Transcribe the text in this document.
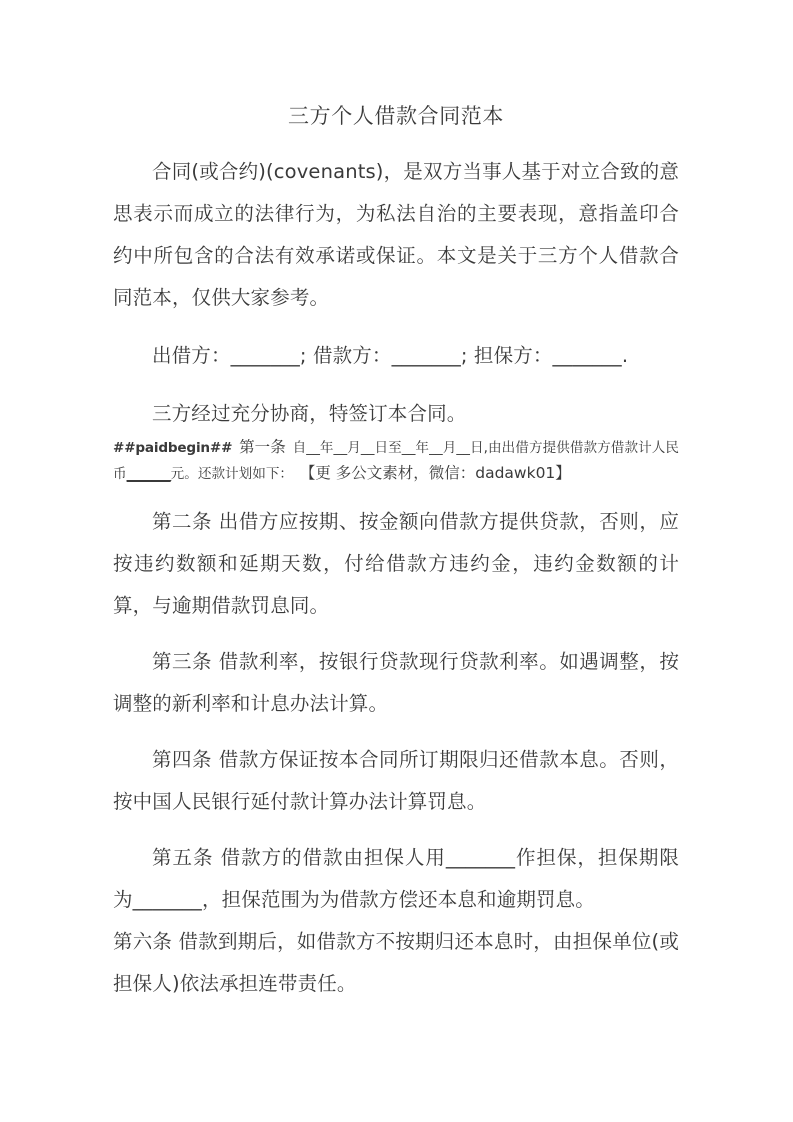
三方个人借款合同范本

合同(或合约)(covenants)，是双方当事人基于对立合致的意思表示而成立的法律行为，为私法自治的主要表现，意指盖印合约中所包含的合法有效承诺或保证。本文是关于三方个人借款合同范本，仅供大家参考。

出借方：_______; 借款方：_______; 担保方：_______.

三方经过充分协商，特签订本合同。

##paidbegin## 第一条 自__年__月__日至__年__月__日,由出借方提供借款方借款计人民币_______元。还款计划如下： 【更 多公文素材，微信：dadawk01】

第二条 出借方应按期、按金额向借款方提供贷款，否则，应按违约数额和延期天数，付给借款方违约金，违约金数额的计算，与逾期借款罚息同。

第三条 借款利率，按银行贷款现行贷款利率。如遇调整，按调整的新利率和计息办法计算。

第四条 借款方保证按本合同所订期限归还借款本息。否则，按中国人民银行延付款计算办法计算罚息。

第五条 借款方的借款由担保人用_______作担保，担保期限为_______，担保范围为为借款方偿还本息和逾期罚息。

第六条 借款到期后，如借款方不按期归还本息时，由担保单位(或担保人)依法承担连带责任。
